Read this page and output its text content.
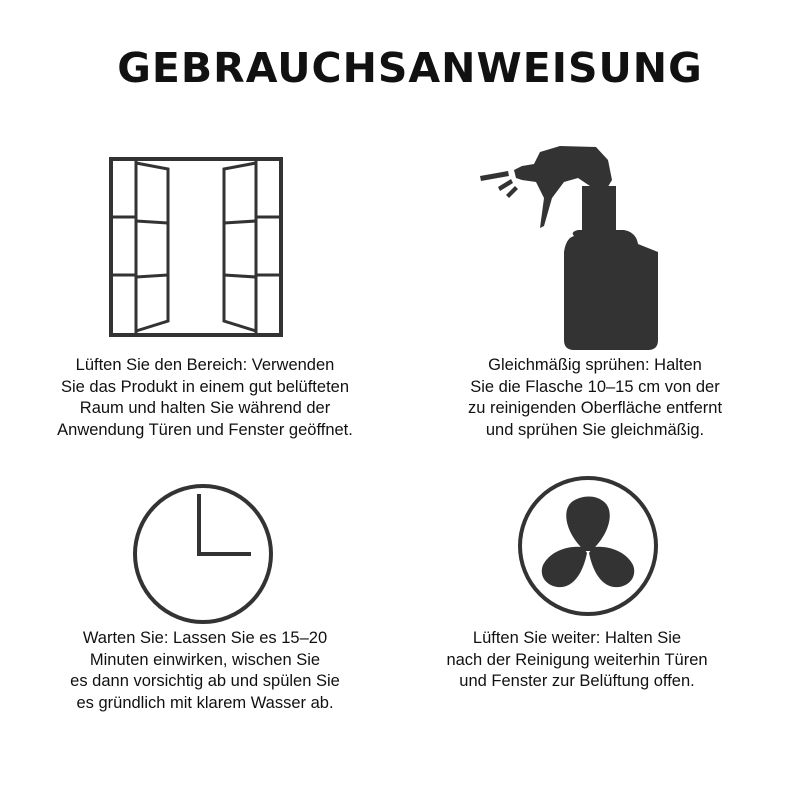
GEBRAUCHSANWEISUNG

Lüften Sie den Bereich: Verwenden
Sie das Produkt in einem gut belüfteten
Raum und halten Sie während der
Anwendung Türen und Fenster geöffnet.

Gleichmäßig sprühen: Halten
Sie die Flasche 10–15 cm von der
zu reinigenden Oberfläche entfernt
und sprühen Sie gleichmäßig.

Warten Sie: Lassen Sie es 15–20
Minuten einwirken, wischen Sie
es dann vorsichtig ab und spülen Sie
es gründlich mit klarem Wasser ab.

Lüften Sie weiter: Halten Sie
nach der Reinigung weiterhin Türen
und Fenster zur Belüftung offen.
